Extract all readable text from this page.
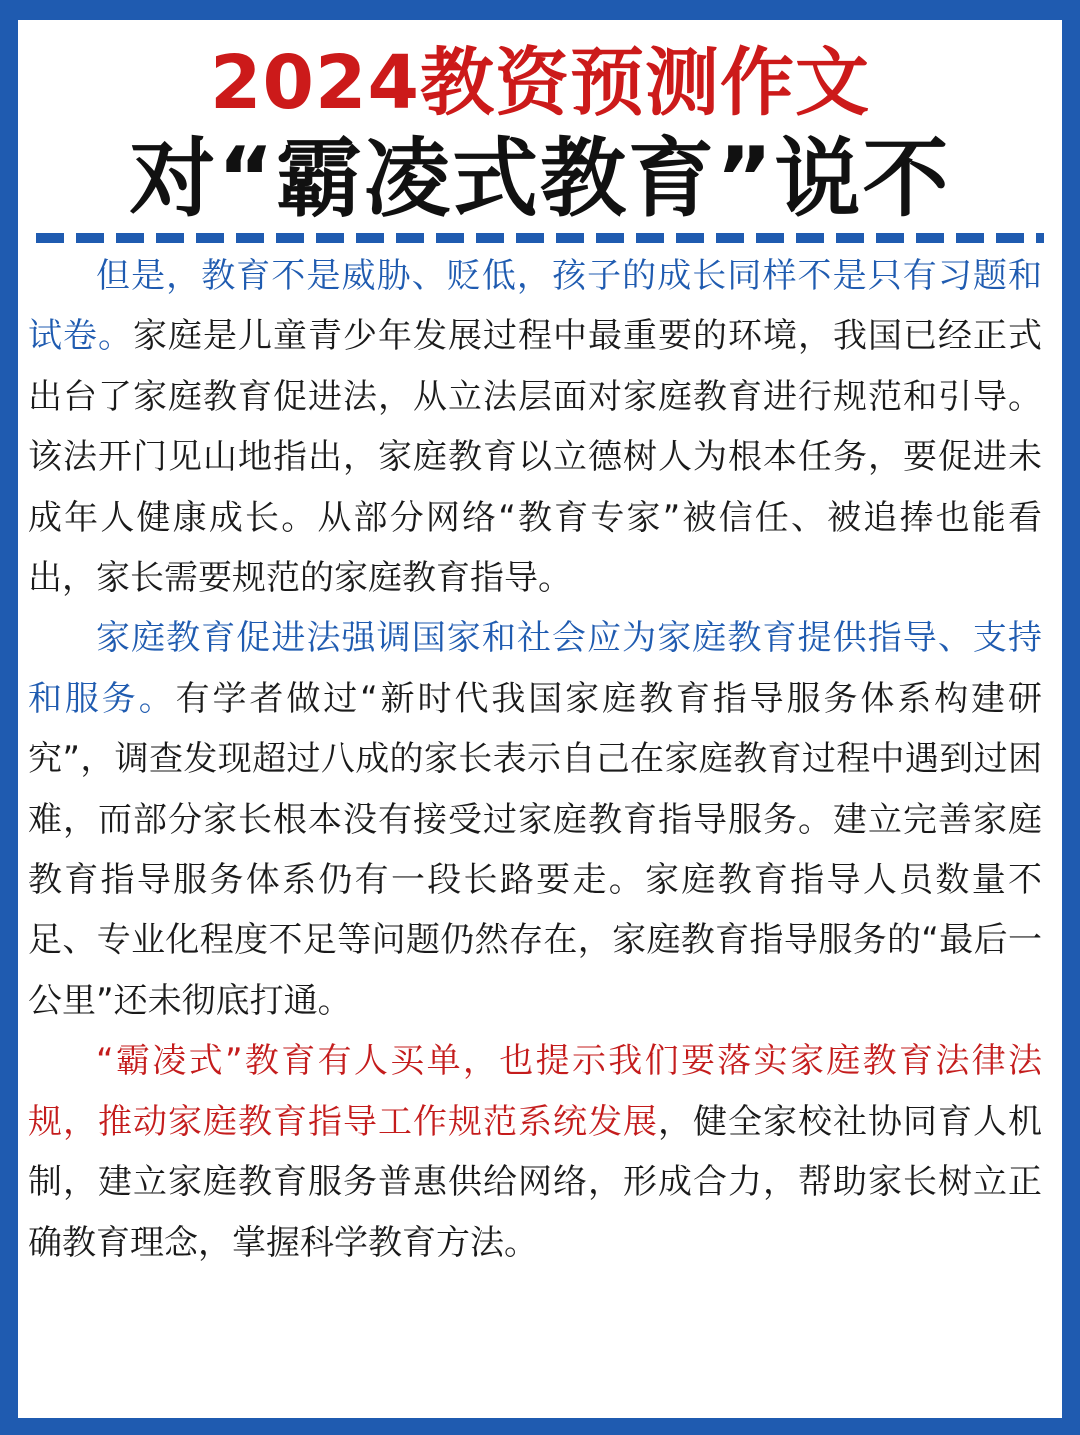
2024教资预测作文
对“霸凌式教育”说不

但是，教育不是威胁、贬低，孩子的成长同样不是只有习题和试卷。家庭是儿童青少年发展过程中最重要的环境，我国已经正式出台了家庭教育促进法，从立法层面对家庭教育进行规范和引导。该法开门见山地指出，家庭教育以立德树人为根本任务，要促进未成年人健康成长。从部分网络“教育专家”被信任、被追捧也能看出，家长需要规范的家庭教育指导。

家庭教育促进法强调国家和社会应为家庭教育提供指导、支持和服务。有学者做过“新时代我国家庭教育指导服务体系构建研究”，调查发现超过八成的家长表示自己在家庭教育过程中遇到过困难，而部分家长根本没有接受过家庭教育指导服务。建立完善家庭教育指导服务体系仍有一段长路要走。家庭教育指导人员数量不足、专业化程度不足等问题仍然存在，家庭教育指导服务的“最后一公里”还未彻底打通。

“霸凌式”教育有人买单，也提示我们要落实家庭教育法律法规，推动家庭教育指导工作规范系统发展，健全家校社协同育人机制，建立家庭教育服务普惠供给网络，形成合力，帮助家长树立正确教育理念，掌握科学教育方法。
